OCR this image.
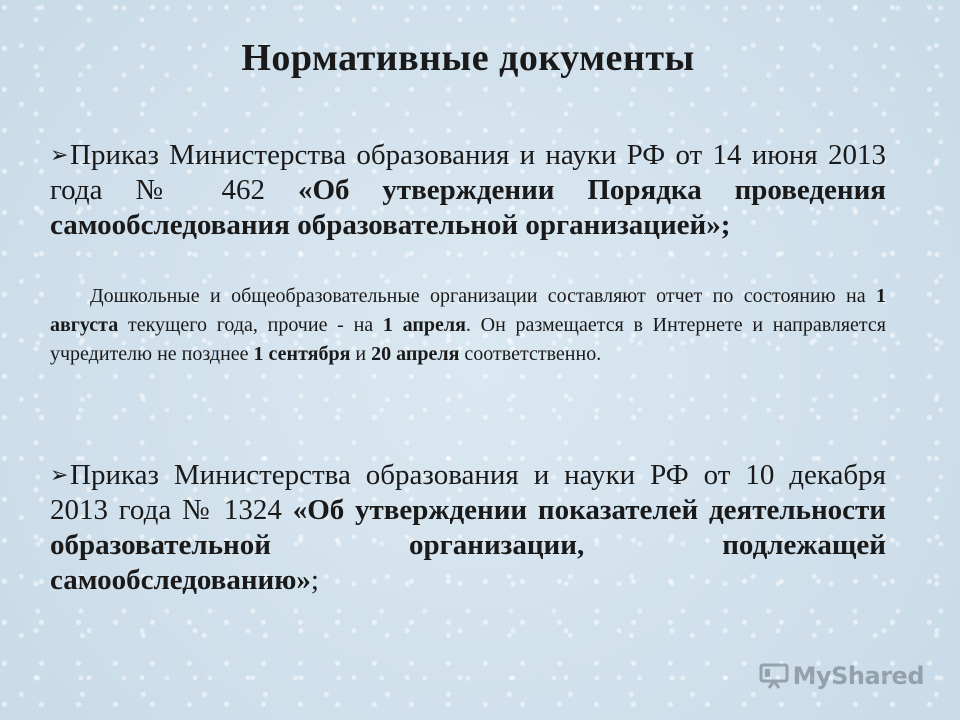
Нормативные документы
➢Приказ Министерства образования и науки РФ от 14 июня 2013 года № 462 «Об утверждении Порядка проведения самообследования образовательной организацией»;
Дошкольные и общеобразовательные организации составляют отчет по состоянию на 1 августа текущего года, прочие - на 1 апреля. Он размещается в Интернете и направляется учредителю не позднее 1 сентября и 20 апреля соответственно.
➢Приказ Министерства образования и науки РФ от 10 декабря 2013 года № 1324 «Об утверждении показателей деятельности образовательной организации, подлежащей самообследованию»;
MyShared
